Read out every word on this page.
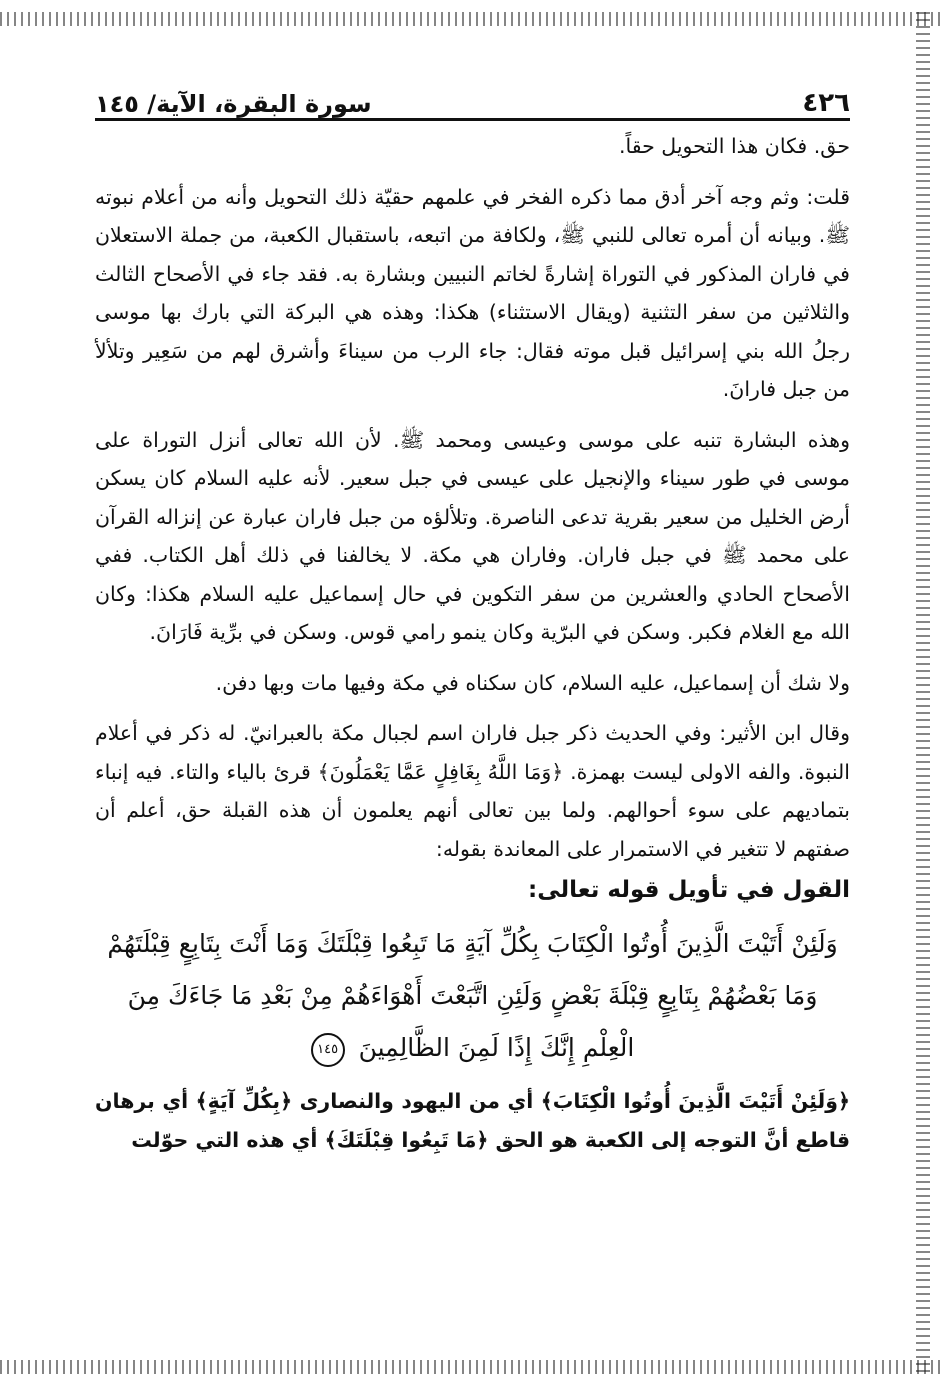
٤٢٦
سورة البقرة، الآية/ ١٤٥

حق. فكان هذا التحويل حقاً.

قلت: وثم وجه آخر أدق مما ذكره الفخر في علمهم حقيّة ذلك التحويل وأنه من أعلام نبوته ﷺ. وبيانه أن أمره تعالى للنبي ﷺ، ولكافة من اتبعه، باستقبال الكعبة، من جملة الاستعلان في فاران المذكور في التوراة إشارةً لخاتم النبيين وبشارة به. فقد جاء في الأصحاح الثالث والثلاثين من سفر التثنية (ويقال الاستثناء) هكذا: وهذه هي البركة التي بارك بها موسى رجلُ الله بني إسرائيل قبل موته فقال: جاء الرب من سيناءَ وأشرق لهم من سَعِير وتلألأ من جبل فارانَ.

وهذه البشارة تنبه على موسى وعيسى ومحمد ﷺ. لأن الله تعالى أنزل التوراة على موسى في طور سيناء والإنجيل على عيسى في جبل سعير. لأنه عليه السلام كان يسكن أرض الخليل من سعير بقرية تدعى الناصرة. وتلألؤه من جبل فاران عبارة عن إنزاله القرآن على محمد ﷺ في جبل فاران. وفاران هي مكة. لا يخالفنا في ذلك أهل الكتاب. ففي الأصحاح الحادي والعشرين من سفر التكوين في حال إسماعيل عليه السلام هكذا: وكان الله مع الغلام فكبر. وسكن في البرّية وكان ينمو رامي قوس. وسكن في برِّية فَارَانَ.

ولا شك أن إسماعيل، عليه السلام، كان سكناه في مكة وفيها مات وبها دفن.

وقال ابن الأثير: وفي الحديث ذكر جبل فاران اسم لجبال مكة بالعبرانيّ. له ذكر في أعلام النبوة. والفه الاولى ليست بهمزة. ﴿وَمَا اللَّهُ بِغَافِلٍ عَمَّا يَعْمَلُونَ﴾ قرئ بالياء والتاء. فيه إنباء بتماديهم على سوء أحوالهم. ولما بين تعالى أنهم يعلمون أن هذه القبلة حق، أعلم أن صفتهم لا تتغير في الاستمرار على المعاندة بقوله:

القول في تأويل قوله تعالى:

وَلَئِنْ أَتَيْتَ الَّذِينَ أُوتُوا الْكِتَابَ بِكُلِّ آيَةٍ مَا تَبِعُوا قِبْلَتَكَ وَمَا أَنْتَ بِتَابِعٍ قِبْلَتَهُمْ وَمَا بَعْضُهُمْ بِتَابِعٍ قِبْلَةَ بَعْضٍ وَلَئِنِ اتَّبَعْتَ أَهْوَاءَهُمْ مِنْ بَعْدِ مَا جَاءَكَ مِنَ الْعِلْمِ إِنَّكَ إِذًا لَمِنَ الظَّالِمِينَ ١٤٥

﴿وَلَئِنْ أَتَيْتَ الَّذِينَ أُوتُوا الْكِتَابَ﴾ أي من اليهود والنصارى ﴿بِكُلِّ آيَةٍ﴾ أي برهان قاطع أنَّ التوجه إلى الكعبة هو الحق ﴿مَا تَبِعُوا قِبْلَتَكَ﴾ أي هذه التي حوّلت
